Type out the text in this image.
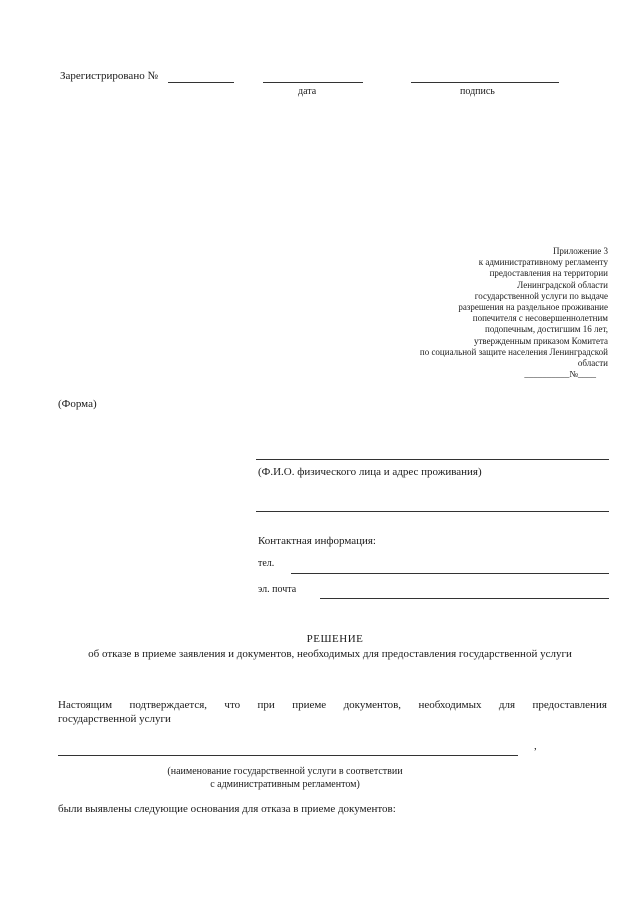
Зарегистрировано №
дата	подпись
Приложение 3
к административному регламенту
предоставления на территории
Ленинградской области
государственной услуги по выдаче
разрешения на раздельное проживание
попечителя с несовершеннолетним
подопечным, достигшим 16 лет,
утвержденным приказом Комитета
по социальной защите населения Ленинградской
области
__________№____
(Форма)
(Ф.И.О. физического лица и адрес проживания)
Контактная информация:
тел.
эл. почта
РЕШЕНИЕ
об отказе в приеме заявления и документов, необходимых для предоставления государственной услуги
Настоящим подтверждается, что при приеме документов, необходимых для предоставления
государственной услуги
,
(наименование государственной услуги в соответствии
с административным регламентом)
были выявлены следующие основания для отказа в приеме документов:
